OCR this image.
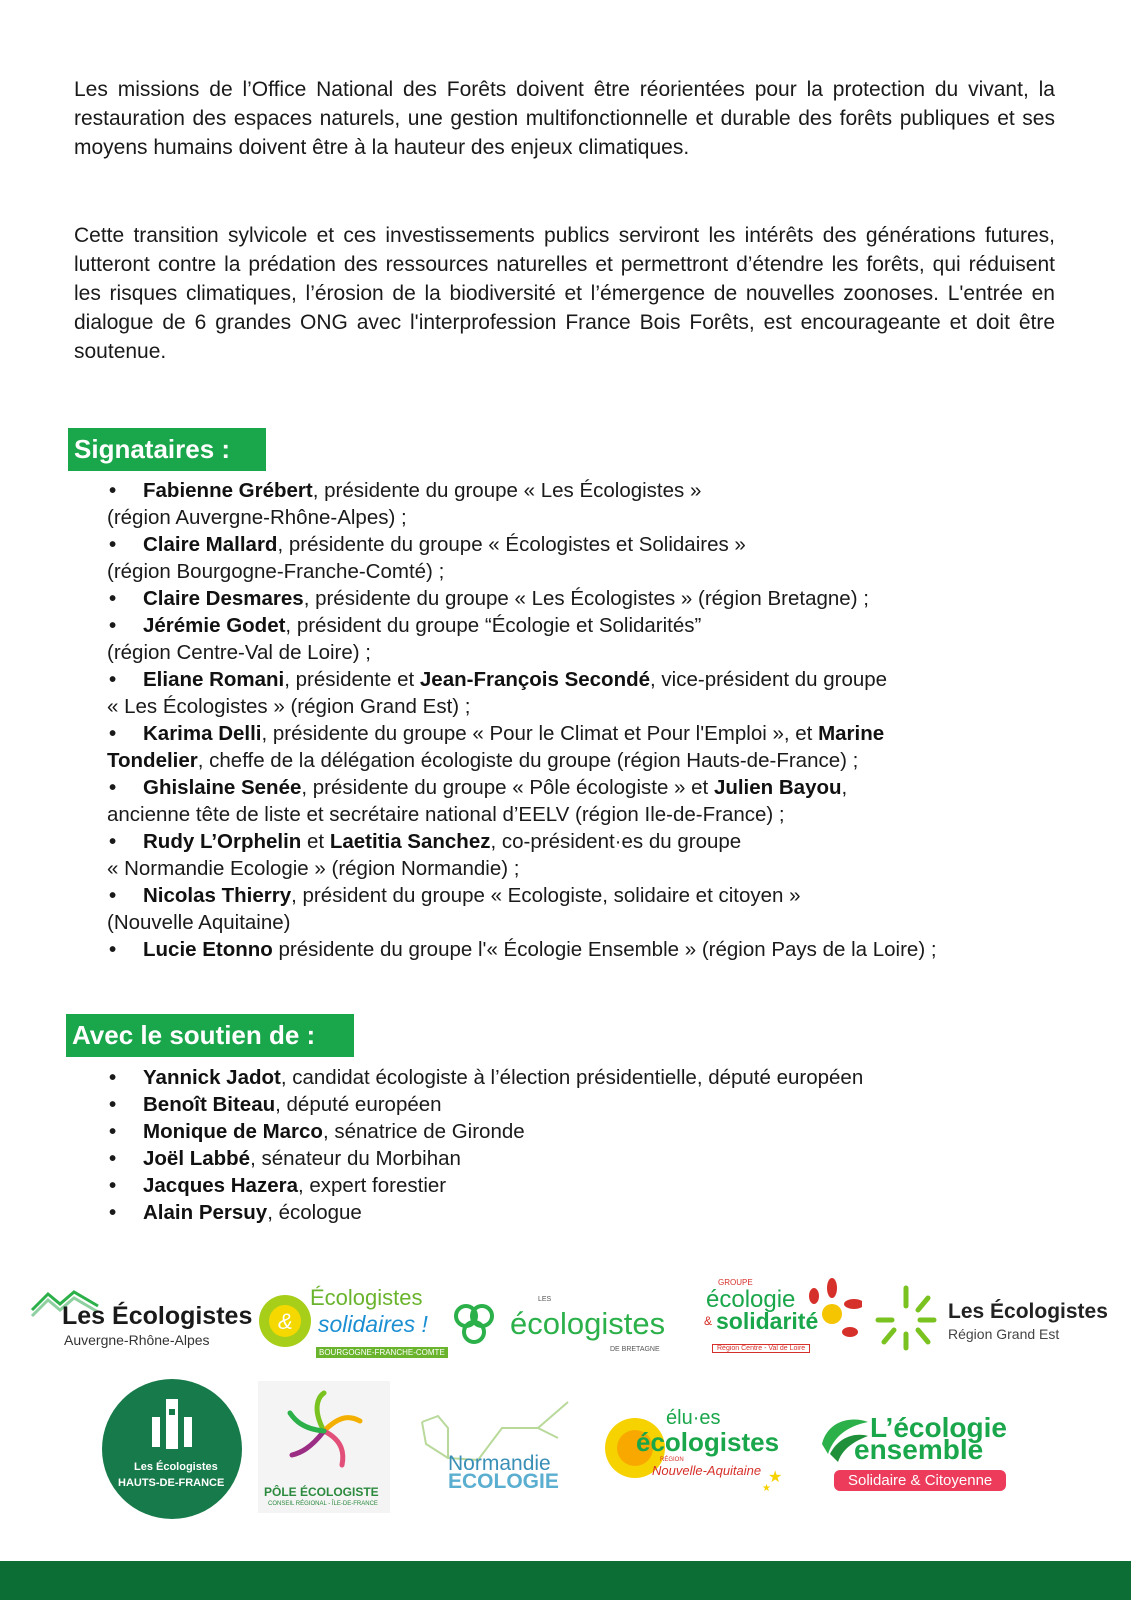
Les missions de l’Office National des Forêts doivent être réorientées pour la protection du vivant, la restauration des espaces naturels, une gestion multifonctionnelle et durable des forêts publiques et ses moyens humains doivent être à la hauteur des enjeux climatiques.

Cette transition sylvicole et ces investissements publics serviront les intérêts des générations futures, lutteront contre la prédation des ressources naturelles et permettront d’étendre les forêts, qui réduisent les risques climatiques, l’érosion de la biodiversité et l’émergence de nouvelles zoonoses. L'entrée en dialogue de 6 grandes ONG avec l'interprofession France Bois Forêts, est encourageante et doit être soutenue.

Signataires :
• Fabienne Grébert, présidente du groupe « Les Écologistes »
(région Auvergne-Rhône-Alpes) ;
• Claire Mallard, présidente du groupe « Écologistes et Solidaires »
(région Bourgogne-Franche-Comté) ;
• Claire Desmares, présidente du groupe « Les Écologistes » (région Bretagne) ;
• Jérémie Godet, président du groupe “Écologie et Solidarités”
(région Centre-Val de Loire) ;
• Eliane Romani, présidente et Jean-François Secondé, vice-président du groupe
« Les Écologistes » (région Grand Est) ;
• Karima Delli, présidente du groupe « Pour le Climat et Pour l'Emploi », et Marine
Tondelier, cheffe de la délégation écologiste du groupe (région Hauts-de-France) ;
• Ghislaine Senée, présidente du groupe « Pôle écologiste » et Julien Bayou,
ancienne tête de liste et secrétaire national d’EELV (région Ile-de-France) ;
• Rudy L’Orphelin et Laetitia Sanchez, co-président·es du groupe
« Normandie Ecologie » (région Normandie) ;
• Nicolas Thierry, président du groupe « Ecologiste, solidaire et citoyen »
(Nouvelle Aquitaine)
• Lucie Etonno présidente du groupe l'« Écologie Ensemble » (région Pays de la Loire) ;
Avec le soutien de :
• Yannick Jadot, candidat écologiste à l’élection présidentielle, député européen
• Benoît Biteau, député européen
• Monique de Marco, sénatrice de Gironde
• Joël Labbé, sénateur du Morbihan
• Jacques Hazera, expert forestier
• Alain Persuy, écologue
Les Écologistes
Auvergne-Rhône-Alpes
&
Écologistes
solidaires !
BOURGOGNE-FRANCHE-COMTE
LES
écologistes
DE BRETAGNE
GROUPE
écologie
& solidarité
Région Centre - Val de Loire
Les Écologistes
Région Grand Est
Les Écologistes
HAUTS-DE-FRANCE
PÔLE ÉCOLOGISTE
CONSEIL RÉGIONAL - ÎLE-DE-FRANCE
Normandie
ECOLOGIE
élu·es
écologistes
RÉGION
Nouvelle-Aquitaine ★
★
L’écologie
ensemble
Solidaire & Citoyenne
